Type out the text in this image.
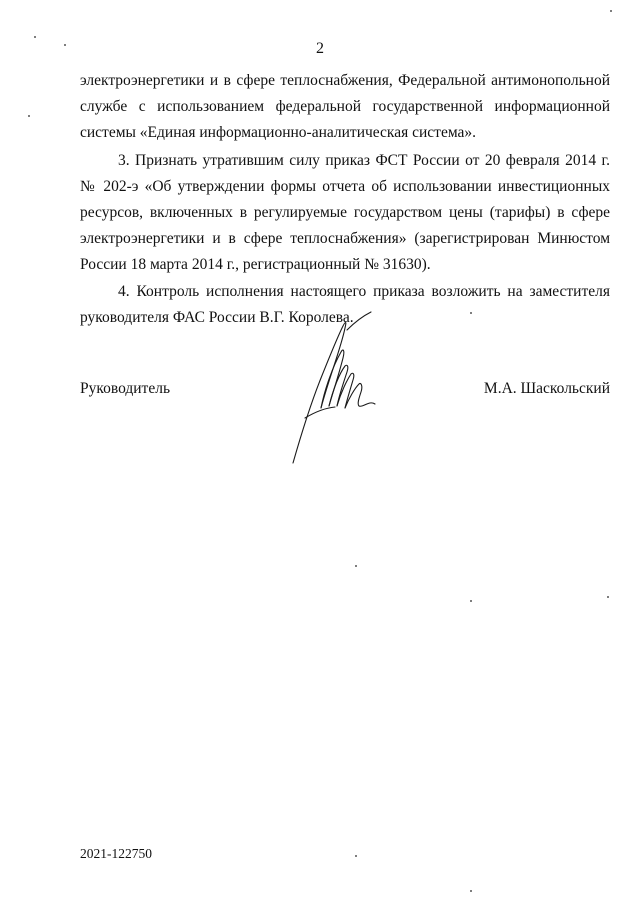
2

электроэнергетики и в сфере теплоснабжения, Федеральной антимонопольной службе с использованием федеральной государственной информационной системы «Единая информационно-аналитическая система».

3. Признать утратившим силу приказ ФСТ России от 20 февраля 2014 г. № 202-э «Об утверждении формы отчета об использовании инвестиционных ресурсов, включенных в регулируемые государством цены (тарифы) в сфере электроэнергетики и в сфере теплоснабжения» (зарегистрирован Минюстом России 18 марта 2014 г., регистрационный № 31630).

4. Контроль исполнения настоящего приказа возложить на заместителя руководителя ФАС России В.Г. Королева.

Руководитель	М.А. Шаскольский
2021-122750
